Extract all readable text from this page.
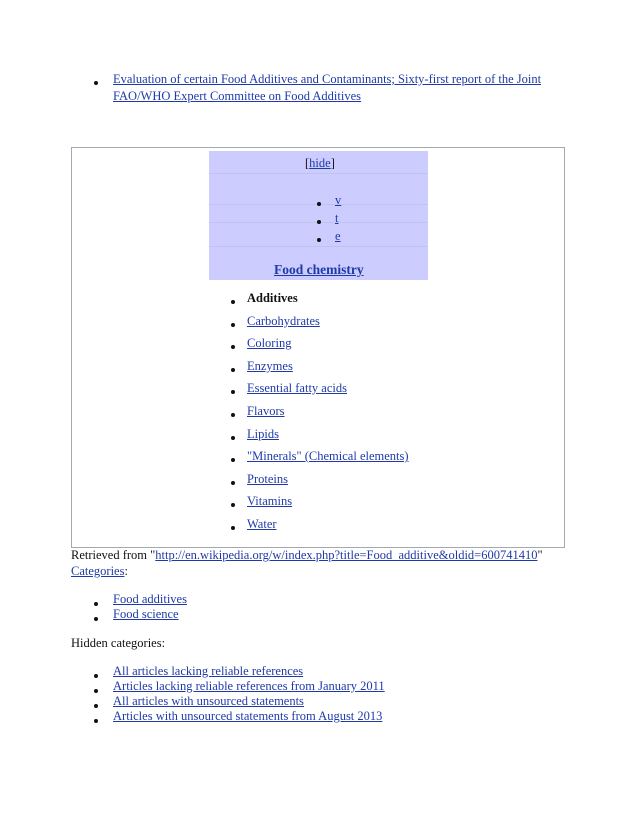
Evaluation of certain Food Additives and Contaminants; Sixty-first report of the Joint
FAO/WHO Expert Committee on Food Additives
[hide]
v
t
e
Food chemistry
Additives
Carbohydrates
Coloring
Enzymes
Essential fatty acids
Flavors
Lipids
"Minerals" (Chemical elements)
Proteins
Vitamins
Water
Retrieved from "http://en.wikipedia.org/w/index.php?title=Food_additive&oldid=600741410"
Categories:
Food additives
Food science
Hidden categories:
All articles lacking reliable references
Articles lacking reliable references from January 2011
All articles with unsourced statements
Articles with unsourced statements from August 2013
